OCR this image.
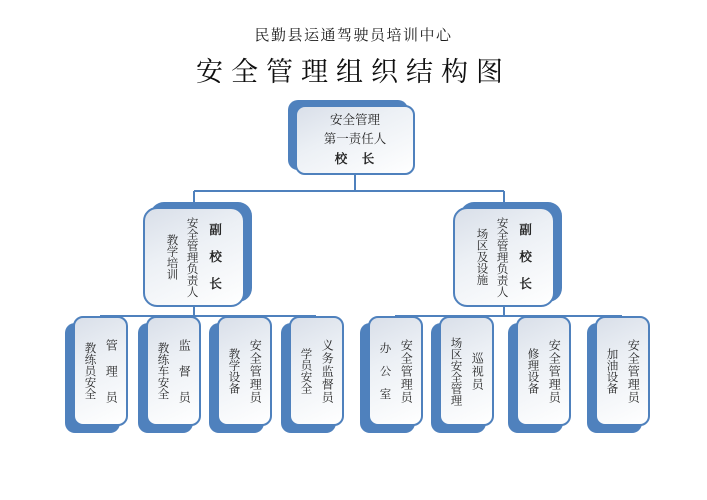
民勤县运通驾驶员培训中心
安全管理组织结构图
安全管理
第一责任人
校　长
副　校　长
安全管理负责人
教学培训	副　校　长
安全管理负责人
场区及设施
管　理　员
教练员安全	监　督　员
教练车安全	安全管理员
教学设备	义务监督员
学员安全	安全管理员
办　公　室	巡视员
场区安全管理	安全管理员
修理设备	安全管理员
加油设备
